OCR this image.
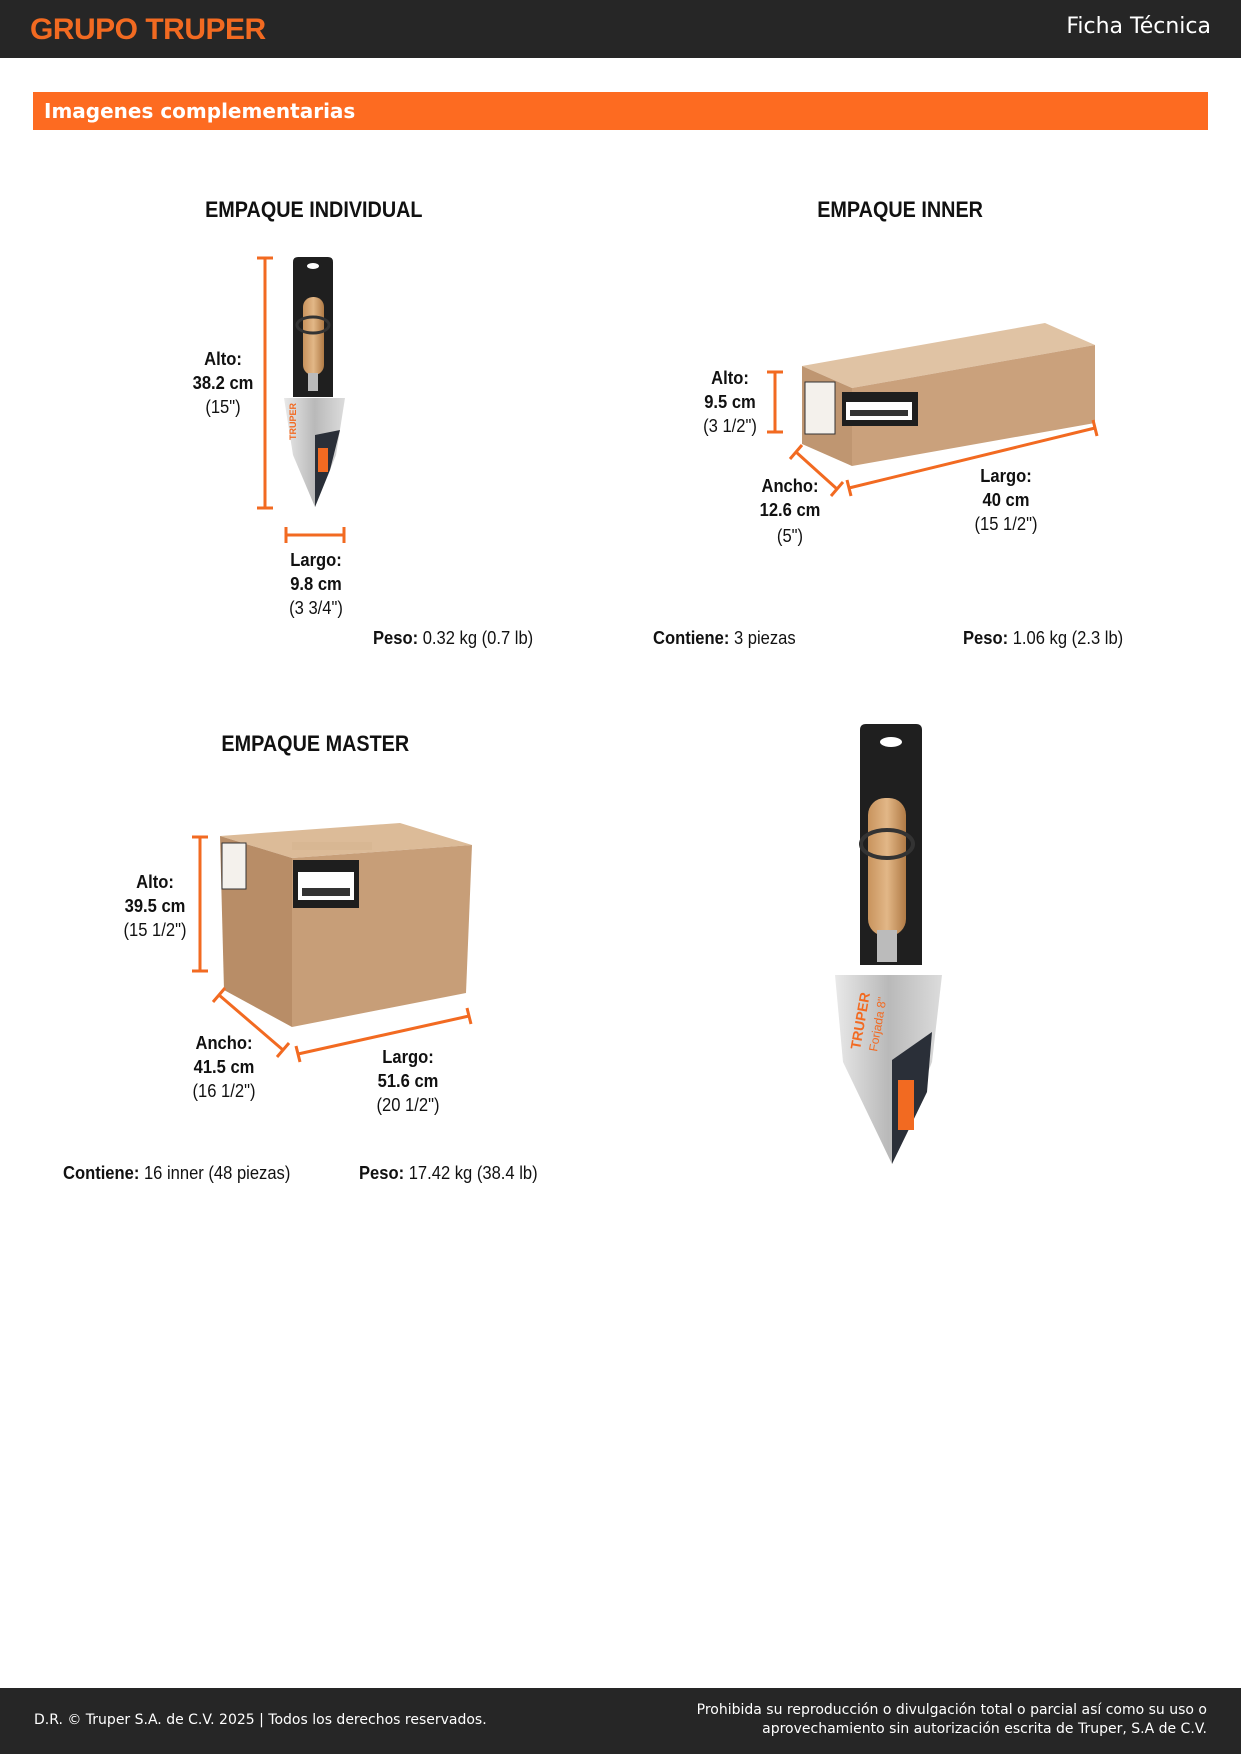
GRUPO TRUPER	Ficha Técnica
Imagenes complementarias
TRUPER
TRUPER
Forjada 8"
EMPAQUE INDIVIDUAL
Alto:
38.2 cm
(15")
Largo:
9.8 cm
(3 3/4")
Peso: 0.32 kg (0.7 lb)
EMPAQUE INNER
Alto:
9.5 cm
(3 1/2")
Ancho:
12.6 cm
(5")
Largo:
40 cm
(15 1/2")
Contiene: 3 piezas	Peso: 1.06 kg (2.3 lb)
EMPAQUE MASTER
Alto:
39.5 cm
(15 1/2")
Ancho:
41.5 cm
(16 1/2")
Largo:
51.6 cm
(20 1/2")
Contiene: 16 inner (48 piezas)	Peso: 17.42 kg (38.4 lb)
D.R. © Truper S.A. de C.V. 2025 | Todos los derechos reservados.
Prohibida su reproducción o divulgación total o parcial así como su uso o
aprovechamiento sin autorización escrita de Truper, S.A de C.V.
